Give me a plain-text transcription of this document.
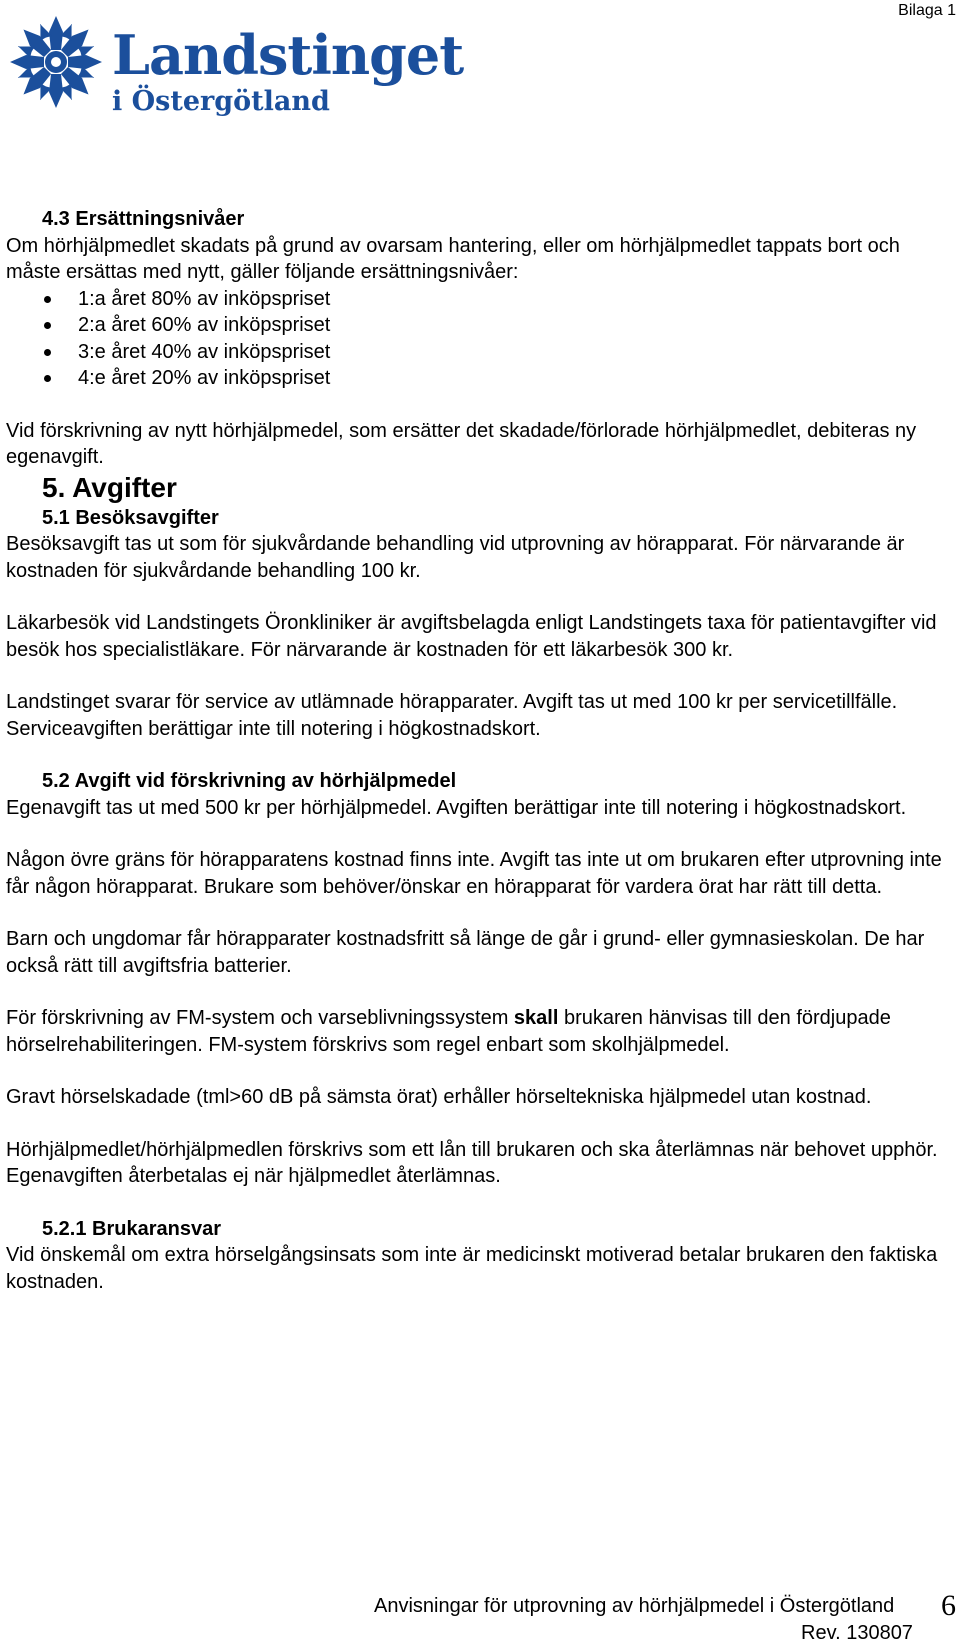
Bilaga 1
Landstinget
i Östergötland

4.3 Ersättningsnivåer

Om hörhjälpmedlet skadats på grund av ovarsam hantering, eller om hörhjälpmedlet tappats bort och måste ersättas med nytt, gäller följande ersättningsnivåer:

1:a året 80% av inköpspriset
2:a året 60% av inköpspriset
3:e året 40% av inköpspriset
4:e året 20% av inköpspriset

Vid förskrivning av nytt hörhjälpmedel, som ersätter det skadade/förlorade hörhjälpmedlet, debiteras ny egenavgift.

5. Avgifter

5.1 Besöksavgifter

Besöksavgift tas ut som för sjukvårdande behandling vid utprovning av hörapparat. För närvarande är kostnaden för sjukvårdande behandling 100 kr.

Läkarbesök vid Landstingets Öronkliniker är avgiftsbelagda enligt Landstingets taxa för patientavgifter vid besök hos specialistläkare. För närvarande är kostnaden för ett läkarbesök 300 kr.

Landstinget svarar för service av utlämnade hörapparater. Avgift tas ut med 100 kr per servicetillfälle. Serviceavgiften berättigar inte till notering i högkostnadskort.

5.2 Avgift vid förskrivning av hörhjälpmedel

Egenavgift tas ut med 500 kr per hörhjälpmedel. Avgiften berättigar inte till notering i högkostnadskort.

Någon övre gräns för hörapparatens kostnad finns inte. Avgift tas inte ut om brukaren efter utprovning inte får någon hörapparat. Brukare som behöver/önskar en hörapparat för vardera örat har rätt till detta.

Barn och ungdomar får hörapparater kostnadsfritt så länge de går i grund- eller gymnasieskolan. De har också rätt till avgiftsfria batterier.

För förskrivning av FM-system och varseblivningssystem skall brukaren hänvisas till den fördjupade hörselrehabiliteringen. FM-system förskrivs som regel enbart som skolhjälpmedel.

Gravt hörselskadade (tml>60 dB på sämsta örat) erhåller hörseltekniska hjälpmedel utan kostnad.

Hörhjälpmedlet/hörhjälpmedlen förskrivs som ett lån till brukaren och ska återlämnas när behovet upphör. Egenavgiften återbetalas ej när hjälpmedlet återlämnas.

5.2.1 Brukaransvar

Vid önskemål om extra hörselgångsinsats som inte är medicinskt motiverad betalar brukaren den faktiska kostnaden.

Anvisningar för utprovning av hörhjälpmedel i Östergötland
Rev. 130807
6
